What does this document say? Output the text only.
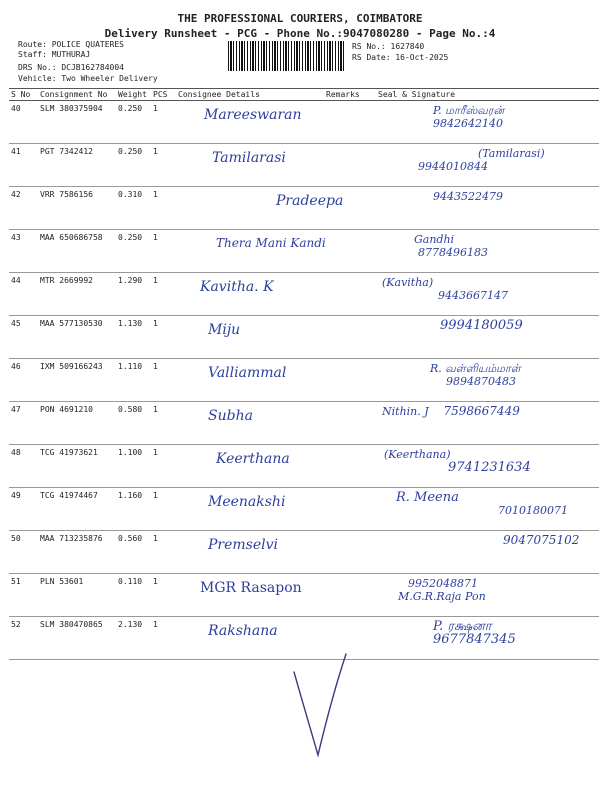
THE PROFESSIONAL COURIERS, COIMBATORE
Delivery Runsheet - PCG - Phone No.:9047080280 - Page No.:4
Route: POLICE QUATERES
Staff: MUTHURAJ
DRS No.: DCJB162784004
Vehicle: Two Wheeler Delivery
RS No.: 1627840
RS Date: 16-Oct-2025
S No	Consignment No	Weight	PCS	Consignee Details	Remarks	Seal & Signature
40	SLM 380375904	0.250	1	Mareeswaran		P. மாரீஸ்வரன்
9842642140

41	PGT 7342412	0.250	1	Tamilarasi		(Tamilarasi)
9944010844

42	VRR 7586156	0.310	1	Pradeepa		9443522479

43	MAA 650686758	0.250	1	Thera Mani Kandi		Gandhi
8778496183

44	MTR 2669992	1.290	1	Kavitha. K		(Kavitha)
9443667147

45	MAA 577130530	1.130	1	Miju		9994180059

46	IXM 509166243	1.110	1	Valliammal		R. வள்ளியம்மாள்
9894870483

47	PON 4691210	0.580	1	Subha		Nithin. J 7598667449
48	TCG 41973621	1.100	1	Keerthana		(Keerthana)
9741231634

49	TCG 41974467	1.160	1	Meenakshi		R. Meena
7010180071

50	MAA 713235876	0.560	1	Premselvi		9047075102

51	PLN 53601	0.110	1	MGR Rasapon		9952048871
M.G.R.Raja Pon

52	SLM 380470865	2.130	1	Rakshana		P. ரக்ஷனா
9677847345
